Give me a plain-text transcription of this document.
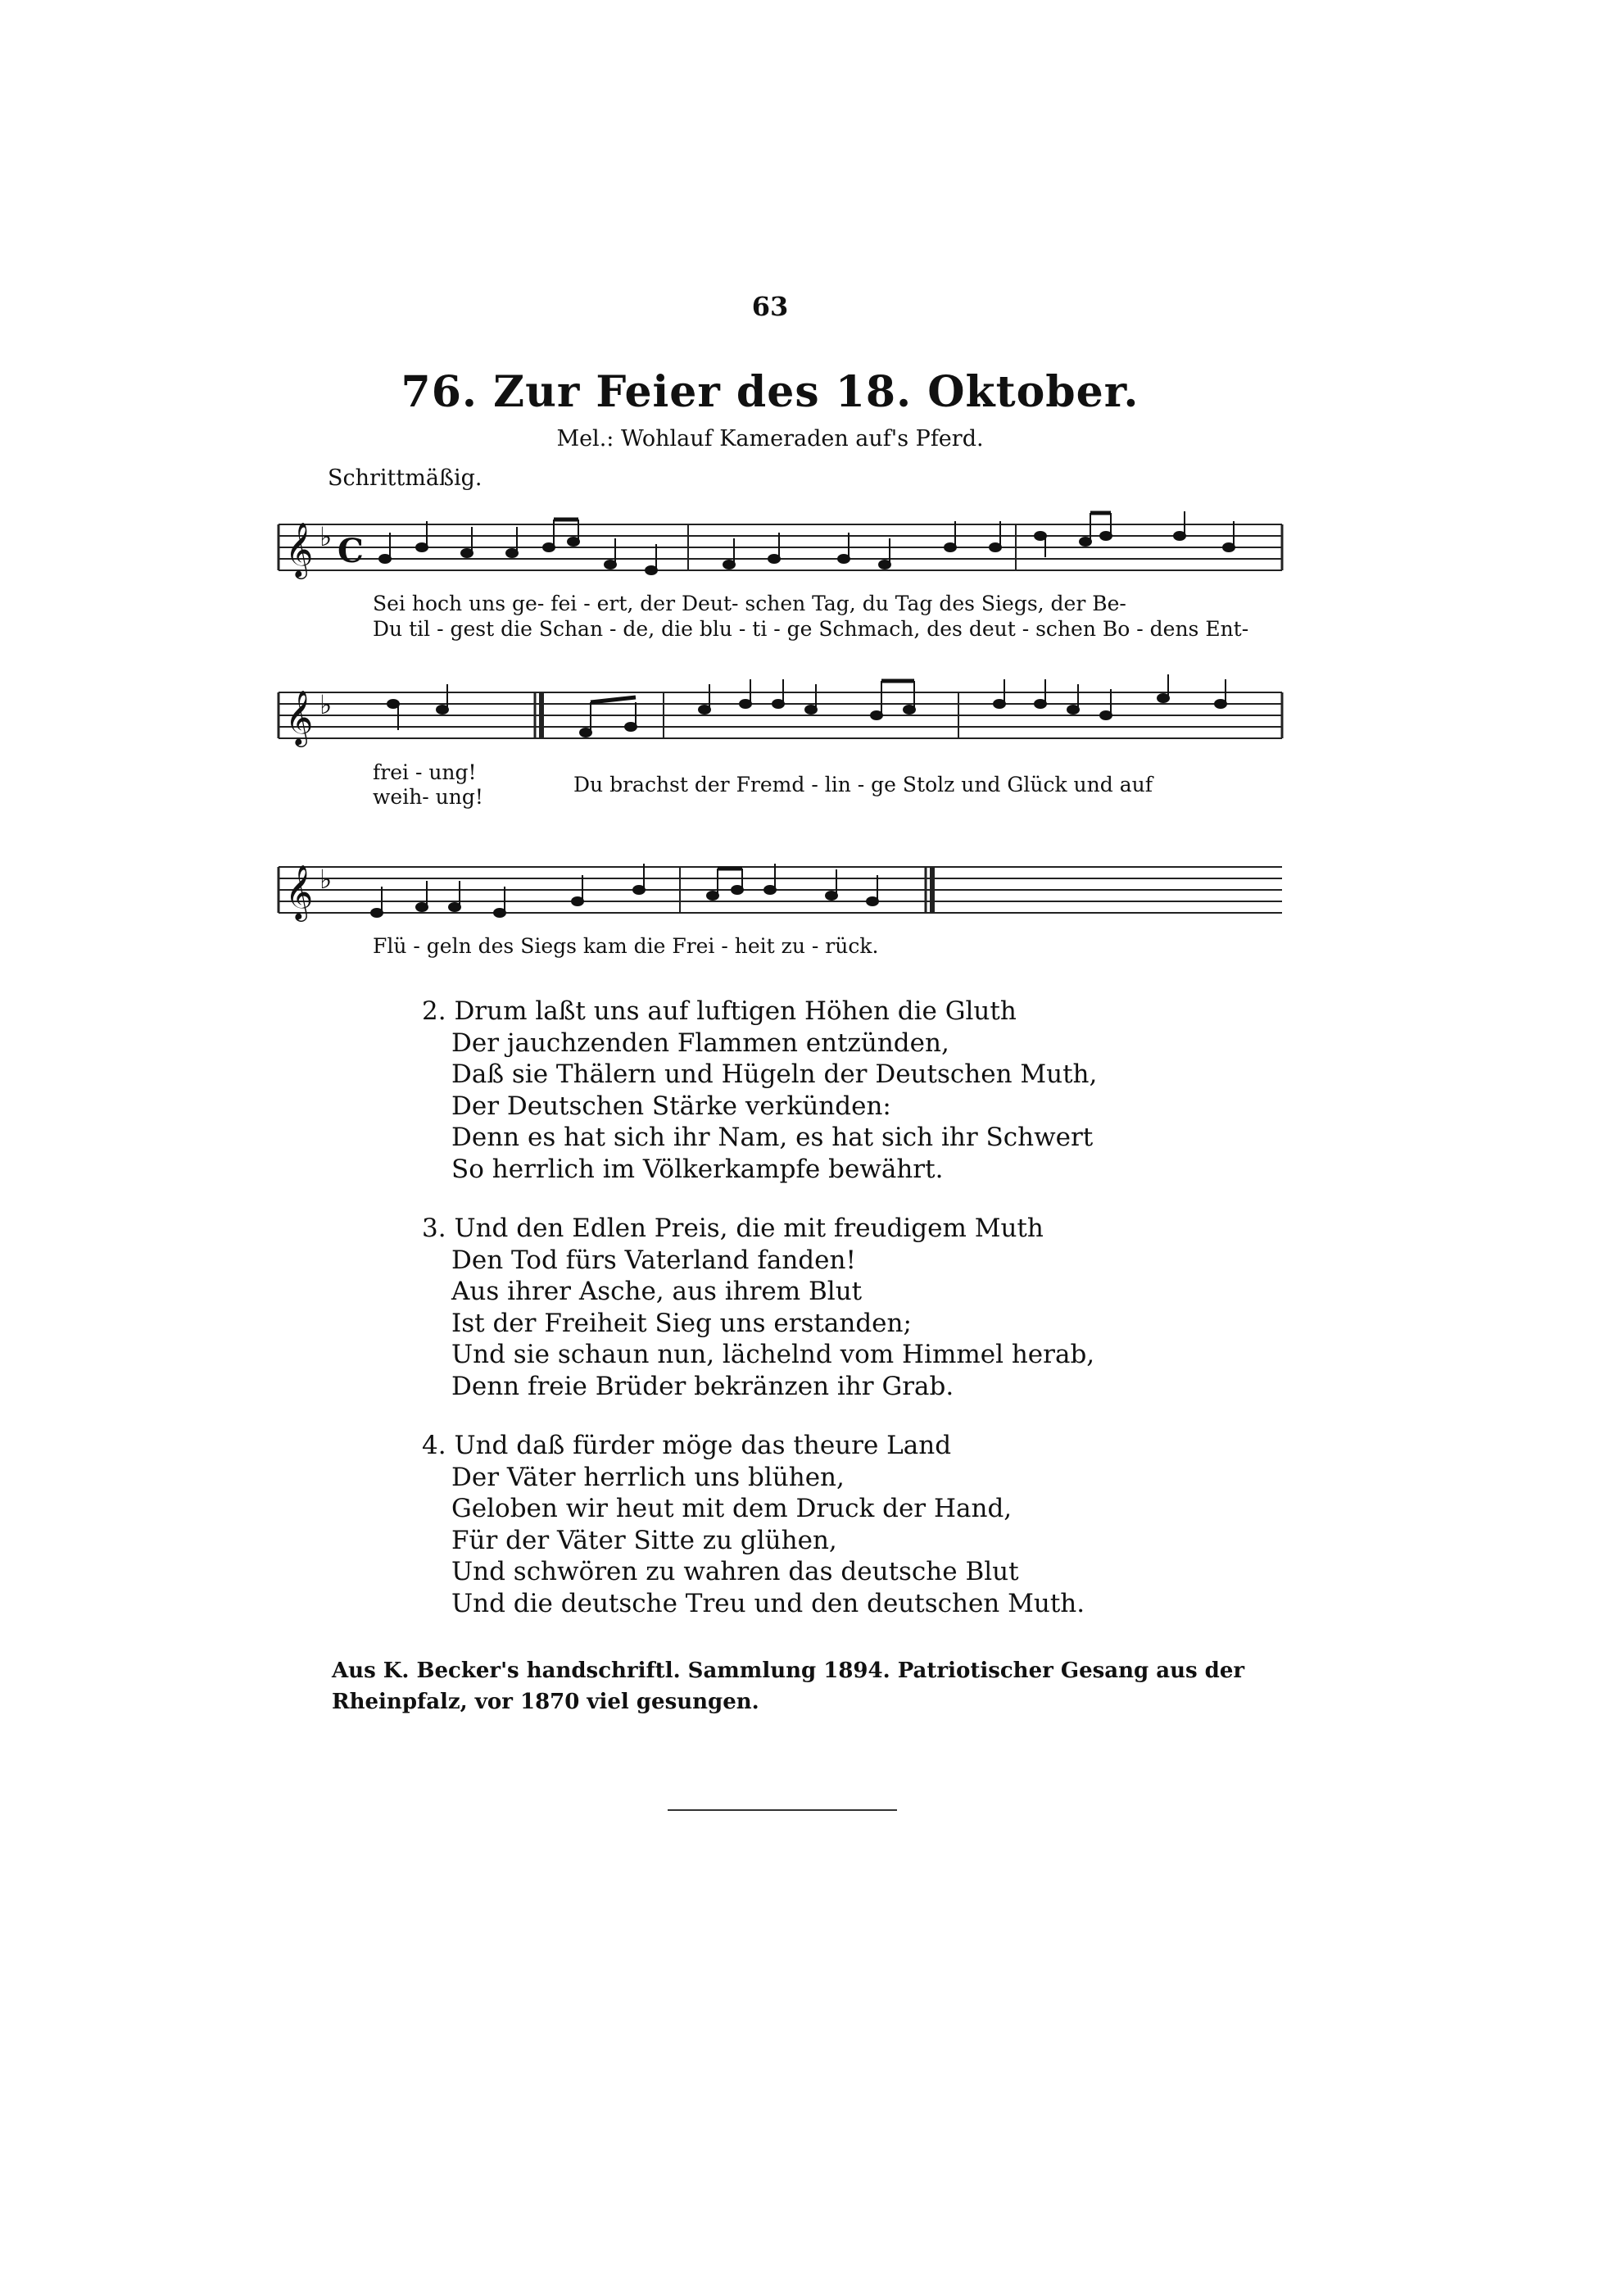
63
76. Zur Feier des 18. Oktober.
Mel.: Wohlauf Kameraden auf's Pferd.
Schrittmäßig.
𝄞 ♭ C
Sei hoch uns ge- fei - ert, der Deut- schen Tag, du Tag des Siegs, der Be-
Du til - gest die Schan - de, die blu - ti - ge Schmach, des deut - schen Bo - dens Ent-
𝄞 ♭
frei - ung!
weih- ung!
Du brachst der Fremd - lin - ge Stolz und Glück und auf
𝄞 ♭
Flü - geln des Siegs kam die Frei - heit zu - rück.
2. Drum laßt uns auf luftigen Höhen die Gluth
Der jauchzenden Flammen entzünden,
Daß sie Thälern und Hügeln der Deutschen Muth,
Der Deutschen Stärke verkünden:
Denn es hat sich ihr Nam, es hat sich ihr Schwert
So herrlich im Völkerkampfe bewährt.
3. Und den Edlen Preis, die mit freudigem Muth
Den Tod fürs Vaterland fanden!
Aus ihrer Asche, aus ihrem Blut
Ist der Freiheit Sieg uns erstanden;
Und sie schaun nun, lächelnd vom Himmel herab,
Denn freie Brüder bekränzen ihr Grab.
4. Und daß fürder möge das theure Land
Der Väter herrlich uns blühen,
Geloben wir heut mit dem Druck der Hand,
Für der Väter Sitte zu glühen,
Und schwören zu wahren das deutsche Blut
Und die deutsche Treu und den deutschen Muth.
Aus K. Becker's handschriftl. Sammlung 1894. Patriotischer Gesang aus der Rheinpfalz, vor 1870 viel gesungen.
